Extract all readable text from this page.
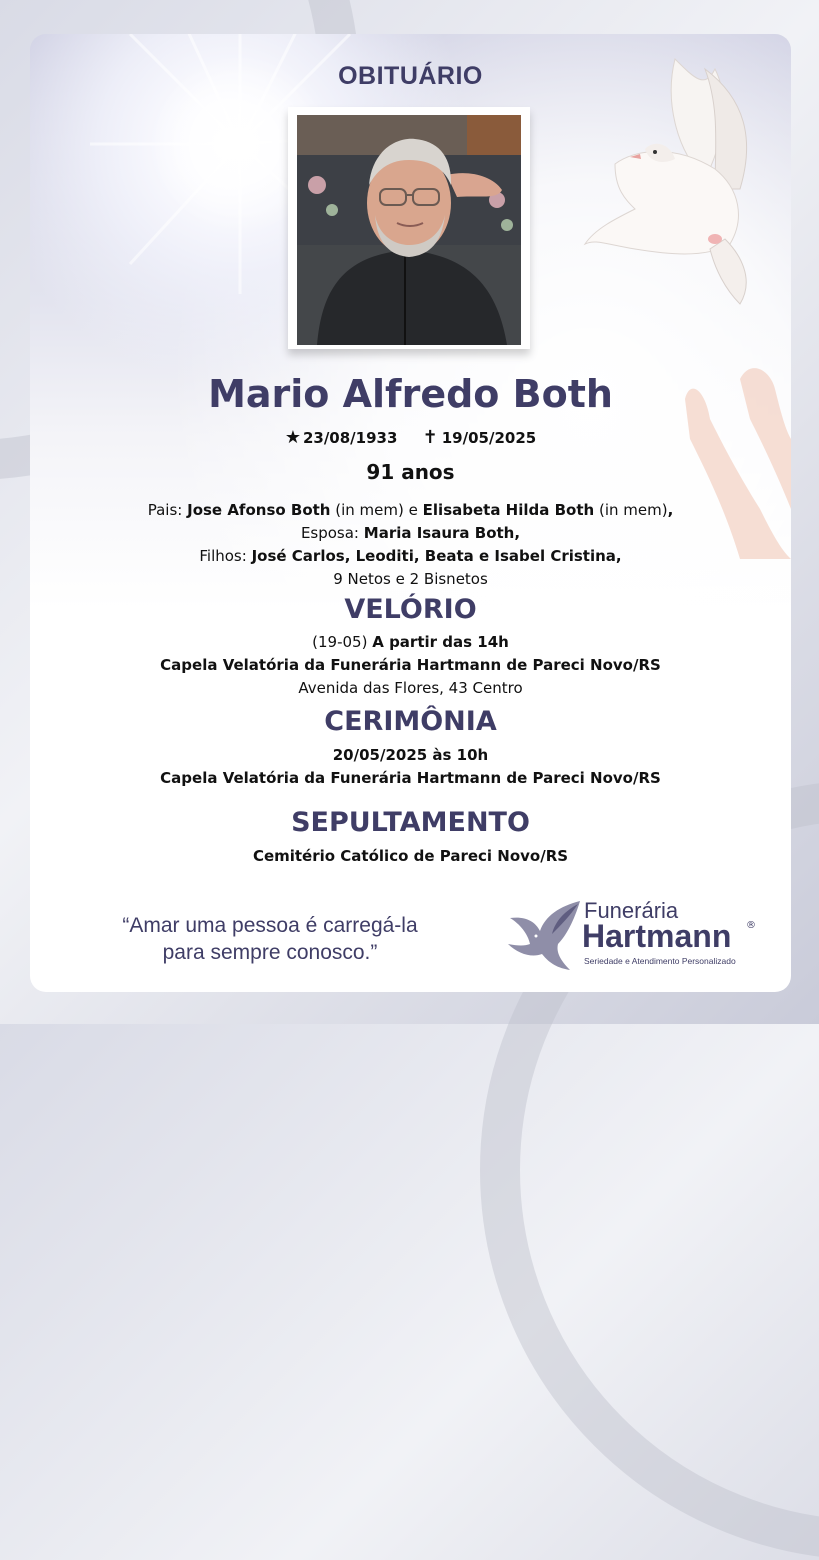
OBITUÁRIO
Mario Alfredo Both
★ 23/08/1933 ✝ 19/05/2025
91 anos
Pais: Jose Afonso Both (in mem) e Elisabeta Hilda Both (in mem),
Esposa: Maria Isaura Both,
Filhos: José Carlos, Leoditi, Beata e Isabel Cristina,
9 Netos e 2 Bisnetos
VELÓRIO
(19-05) A partir das 14h
Capela Velatória da Funerária Hartmann de Pareci Novo/RS
Avenida das Flores, 43 Centro
CERIMÔNIA
20/05/2025 às 10h
Capela Velatória da Funerária Hartmann de Pareci Novo/RS
SEPULTAMENTO
Cemitério Católico de Pareci Novo/RS
“Amar uma pessoa é carregá-la
para sempre conosco.”
Funerária
Hartmann ®
Seriedade e Atendimento Personalizado
